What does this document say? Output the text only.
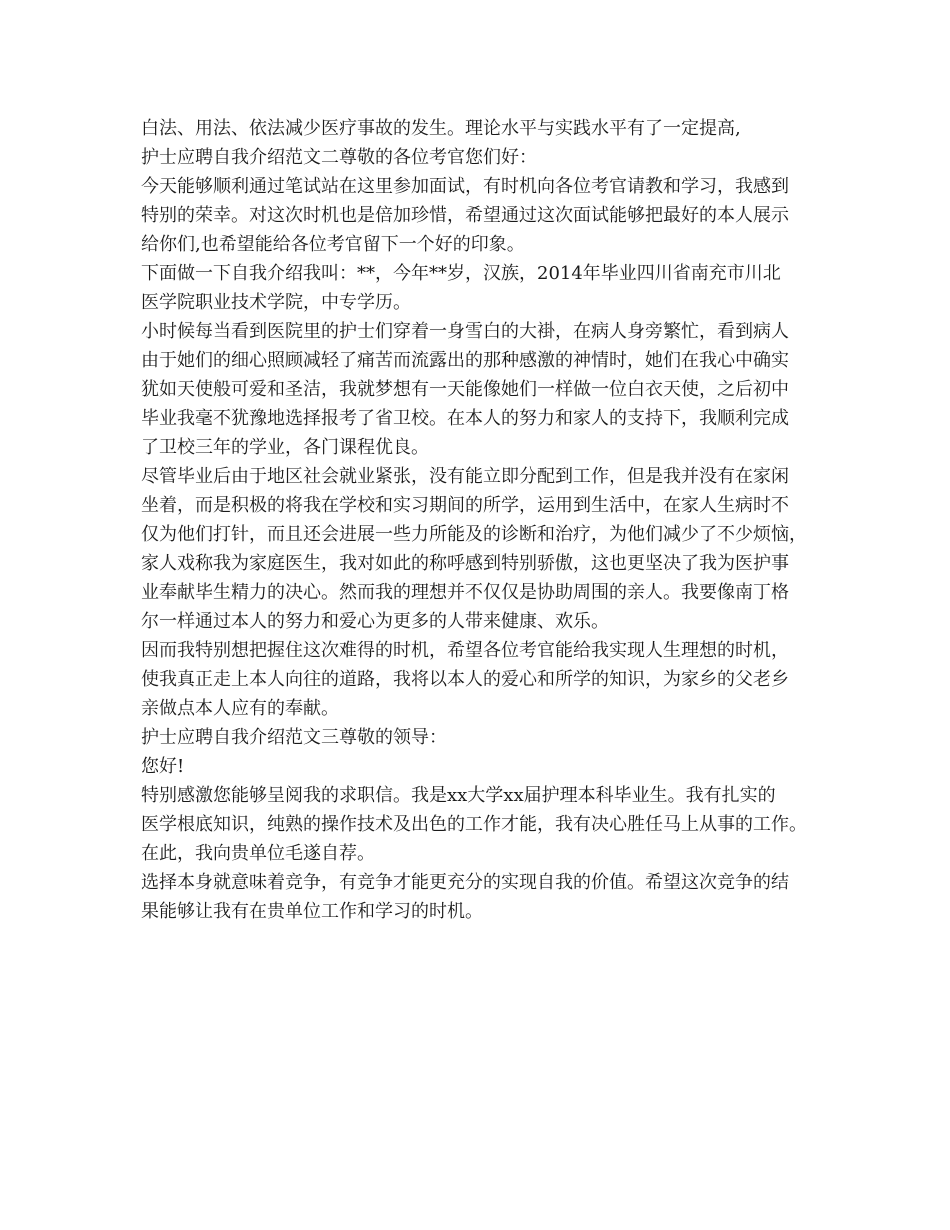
白法、用法、依法减少医疗事故的发生。理论水平与实践水平有了一定提高,
护士应聘自我介绍范文二尊敬的各位考官您们好：
今天能够顺利通过笔试站在这里参加面试，有时机向各位考官请教和学习，我感到
特别的荣幸。对这次时机也是倍加珍惜，希望通过这次面试能够把最好的本人展示
给你们,也希望能给各位考官留下一个好的印象。
下面做一下自我介绍我叫：**，今年**岁，汉族，2014年毕业四川省南充市川北
医学院职业技术学院，中专学历。
小时候每当看到医院里的护士们穿着一身雪白的大褂，在病人身旁繁忙，看到病人
由于她们的细心照顾减轻了痛苦而流露出的那种感激的神情时，她们在我心中确实
犹如天使般可爱和圣洁，我就梦想有一天能像她们一样做一位白衣天使，之后初中
毕业我毫不犹豫地选择报考了省卫校。在本人的努力和家人的支持下，我顺利完成
了卫校三年的学业，各门课程优良。
尽管毕业后由于地区社会就业紧张，没有能立即分配到工作，但是我并没有在家闲
坐着，而是积极的将我在学校和实习期间的所学，运用到生活中，在家人生病时不
仅为他们打针，而且还会进展一些力所能及的诊断和治疗，为他们减少了不少烦恼，
家人戏称我为家庭医生，我对如此的称呼感到特别骄傲，这也更坚决了我为医护事
业奉献毕生精力的决心。然而我的理想并不仅仅是协助周围的亲人。我要像南丁格
尔一样通过本人的努力和爱心为更多的人带来健康、欢乐。
因而我特别想把握住这次难得的时机，希望各位考官能给我实现人生理想的时机，
使我真正走上本人向往的道路，我将以本人的爱心和所学的知识，为家乡的父老乡
亲做点本人应有的奉献。
护士应聘自我介绍范文三尊敬的领导：
您好!
特别感激您能够呈阅我的求职信。我是xx大学xx届护理本科毕业生。我有扎实的
医学根底知识，纯熟的操作技术及出色的工作才能，我有决心胜任马上从事的工作。
在此，我向贵单位毛遂自荐。
选择本身就意味着竞争，有竞争才能更充分的实现自我的价值。希望这次竞争的结
果能够让我有在贵单位工作和学习的时机。
